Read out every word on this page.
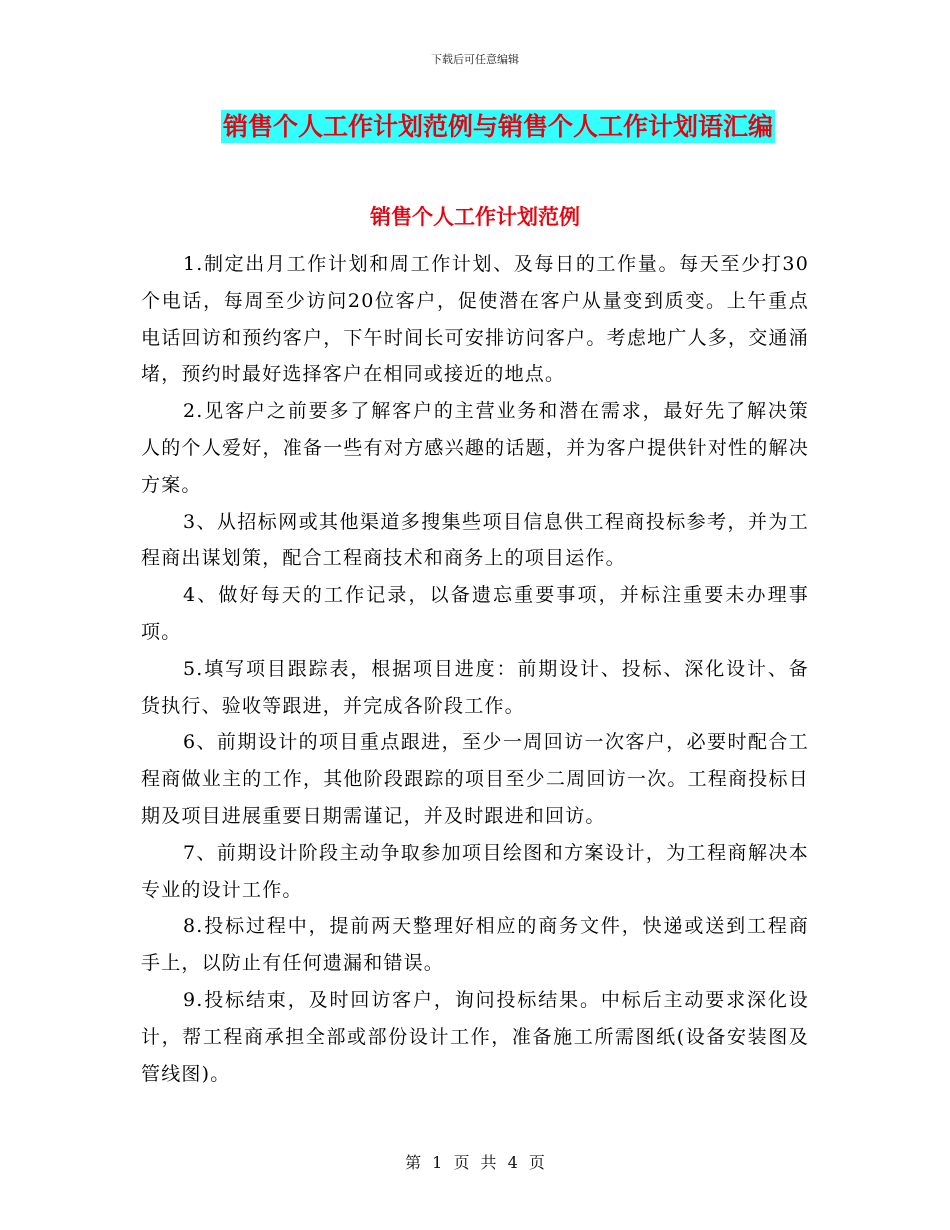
下载后可任意编辑
销售个人工作计划范例与销售个人工作计划语汇编
销售个人工作计划范例

1.制定出月工作计划和周工作计划、及每日的工作量。每天至少打30个电话，每周至少访问20位客户，促使潜在客户从量变到质变。上午重点电话回访和预约客户，下午时间长可安排访问客户。考虑地广人多，交通涌堵，预约时最好选择客户在相同或接近的地点。

2.见客户之前要多了解客户的主营业务和潜在需求，最好先了解决策人的个人爱好，准备一些有对方感兴趣的话题，并为客户提供针对性的解决方案。

3、从招标网或其他渠道多搜集些项目信息供工程商投标参考，并为工程商出谋划策，配合工程商技术和商务上的项目运作。

4、做好每天的工作记录，以备遗忘重要事项，并标注重要未办理事项。

5.填写项目跟踪表，根据项目进度：前期设计、投标、深化设计、备货执行、验收等跟进，并完成各阶段工作。

6、前期设计的项目重点跟进，至少一周回访一次客户，必要时配合工程商做业主的工作，其他阶段跟踪的项目至少二周回访一次。工程商投标日期及项目进展重要日期需谨记，并及时跟进和回访。

7、前期设计阶段主动争取参加项目绘图和方案设计，为工程商解决本专业的设计工作。

8.投标过程中，提前两天整理好相应的商务文件，快递或送到工程商手上，以防止有任何遗漏和错误。

9.投标结束，及时回访客户，询问投标结果。中标后主动要求深化设计，帮工程商承担全部或部份设计工作，准备施工所需图纸(设备安装图及管线图)。

第 1 页 共 4 页
